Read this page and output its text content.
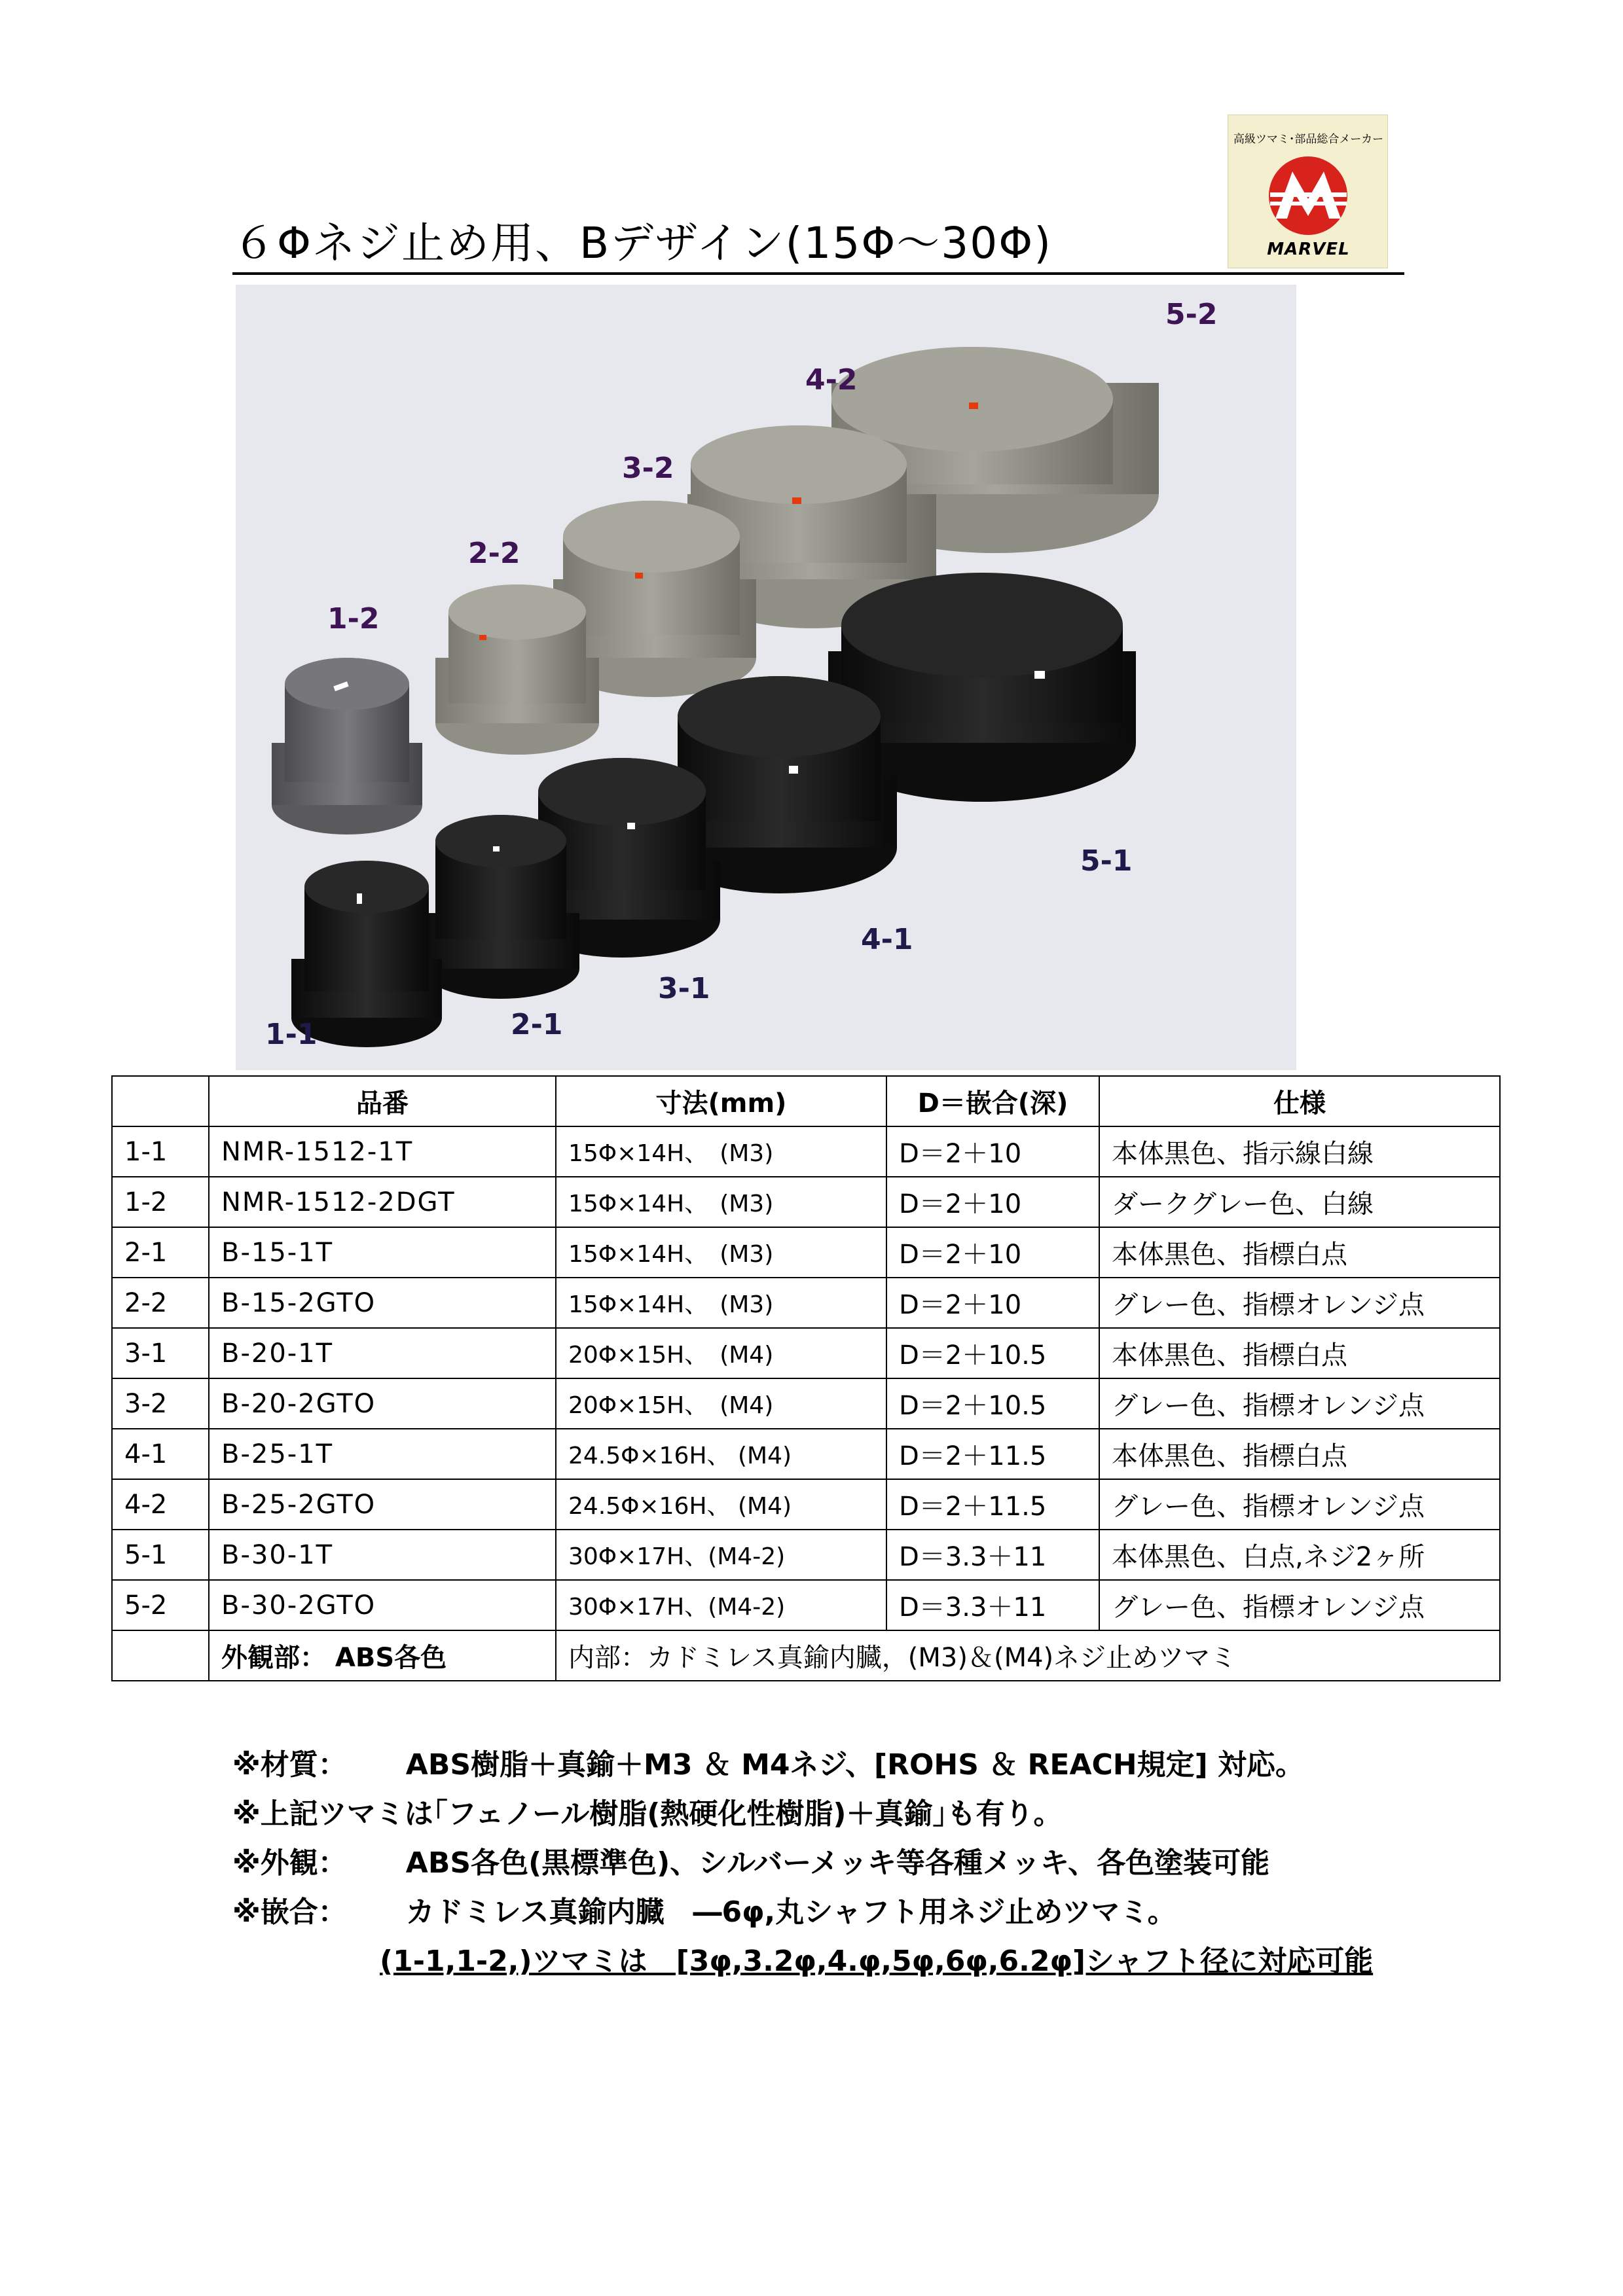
高級ツマミ･部品総合メーカー
MARVEL
６Φネジ止め用、Bデザイン(15Φ～30Φ)
1-1
1-2
2-1
2-2
3-1
3-2
4-1
4-2
5-1
5-2
	品番	寸法(mm)	D＝嵌合(深)	仕様
1-1	NMR-1512-1T	15Φ×14H、　(M3)	D＝2＋10	本体黒色、指示線白線
1-2	NMR-1512-2DGT	15Φ×14H、　(M3)	D＝2＋10	ダークグレー色、白線
2-1	B-15-1T	15Φ×14H、　(M3)	D＝2＋10	本体黒色、指標白点
2-2	B-15-2GTO	15Φ×14H、　(M3)	D＝2＋10	グレー色、指標オレンジ点
3-1	B-20-1T	20Φ×15H、　(M4)	D＝2＋10.5	本体黒色、指標白点
3-2	B-20-2GTO	20Φ×15H、　(M4)	D＝2＋10.5	グレー色、指標オレンジ点
4-1	B-25-1T	24.5Φ×16H、 (M4)	D＝2＋11.5	本体黒色、指標白点
4-2	B-25-2GTO	24.5Φ×16H、 (M4)	D＝2＋11.5	グレー色、指標オレンジ点
5-1	B-30-1T	30Φ×17H、(M4-2)	D＝3.3＋11	本体黒色、白点,ネジ2ヶ所
5-2	B-30-2GTO	30Φ×17H、(M4-2)	D＝3.3＋11	グレー色、指標オレンジ点
	外観部： ABS各色	内部：カドミレス真鍮内臓，(M3)＆(M4)ネジ止めツマミ		
※材質： ABS樹脂＋真鍮＋M3 ＆ M4ネジ、[ROHS ＆ REACH規定] 対応。
※上記ツマミは｢フェノール樹脂(熱硬化性樹脂)＋真鍮｣も有り。
※外観： ABS各色(黒標準色)、シルバーメッキ等各種メッキ、各色塗装可能
※嵌合： カドミレス真鍮内臓　―6φ,丸シャフト用ネジ止めツマミ。
(1-1,1-2,)ツマミは　[3φ,3.2φ,4.φ,5φ,6φ,6.2φ]シャフト径に対応可能
